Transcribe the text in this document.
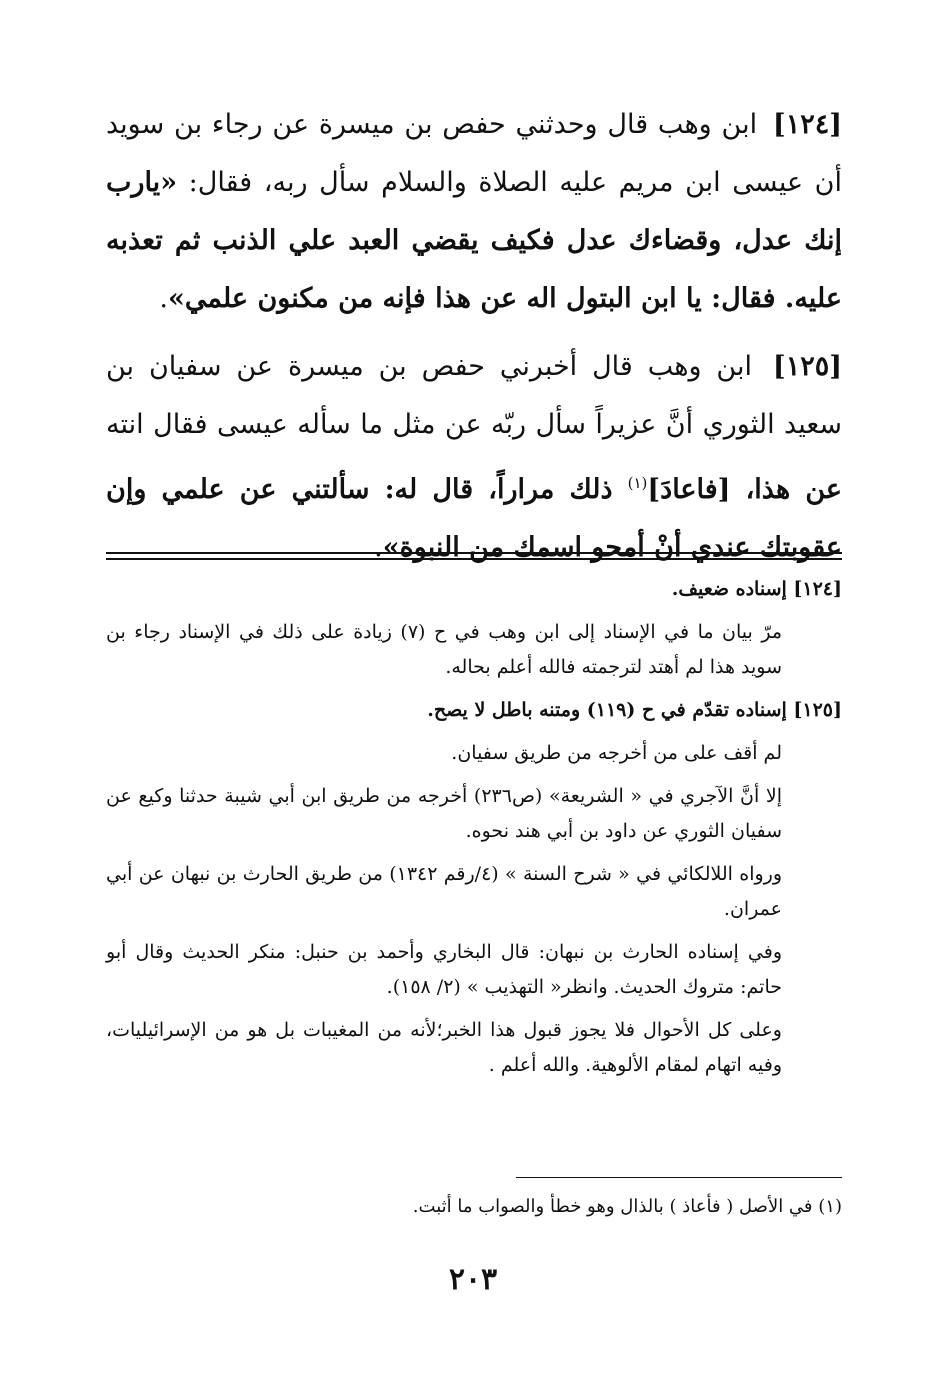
[١٢٤] ابن وهب قال وحدثني حفص بن ميسرة عن رجاء بن سويد أن عيسى ابن مريم عليه الصلاة والسلام سأل ربه، فقال: «يارب إنك عدل، وقضاءك عدل فكيف يقضي العبد علي الذنب ثم تعذبه عليه. فقال: يا ابن البتول اله عن هذا فإنه من مكنون علمي».

[١٢٥] ابن وهب قال أخبرني حفص بن ميسرة عن سفيان بن سعيد الثوري أنَّ عزيراً سأل ربّه عن مثل ما سأله عيسى فقال انته عن هذا، [فاعادَ]$^{(١)}$ ذلك مراراً، قال له: سألتني عن علمي وإن عقوبتك عندي أنْ أمحو اسمك من النبوة».

[١٢٤] إسناده ضعيف.

مرّ بيان ما في الإسناد إلى ابن وهب في ح (٧) زيادة على ذلك في الإسناد رجاء بن سويد هذا لم أهتد لترجمته فالله أعلم بحاله.

[١٢٥] إسناده تقدّم في ح (١١٩) ومتنه باطل لا يصح.

لم أقف على من أخرجه من طريق سفيان.

إلا أنَّ الآجري في « الشريعة» (ص٢٣٦) أخرجه من طريق ابن أبي شيبة حدثنا وكيع عن سفيان الثوري عن داود بن أبي هند نحوه.

ورواه اللالكائي في « شرح السنة » (٤/رقم ١٣٤٢) من طريق الحارث بن نبهان عن أبي عمران.

وفي إسناده الحارث بن نبهان: قال البخاري وأحمد بن حنبل: منكر الحديث وقال أبو حاتم: متروك الحديث. وانظر« التهذيب » (٢/ ١٥٨).

وعلى كل الأحوال فلا يجوز قبول هذا الخبر؛لأنه من المغيبات بل هو من الإسرائيليات، وفيه اتهام لمقام الألوهية. والله أعلم .

(١) في الأصل ( فأعاذ ) بالذال وهو خطأ والصواب ما أثبت.
٢٠٣
